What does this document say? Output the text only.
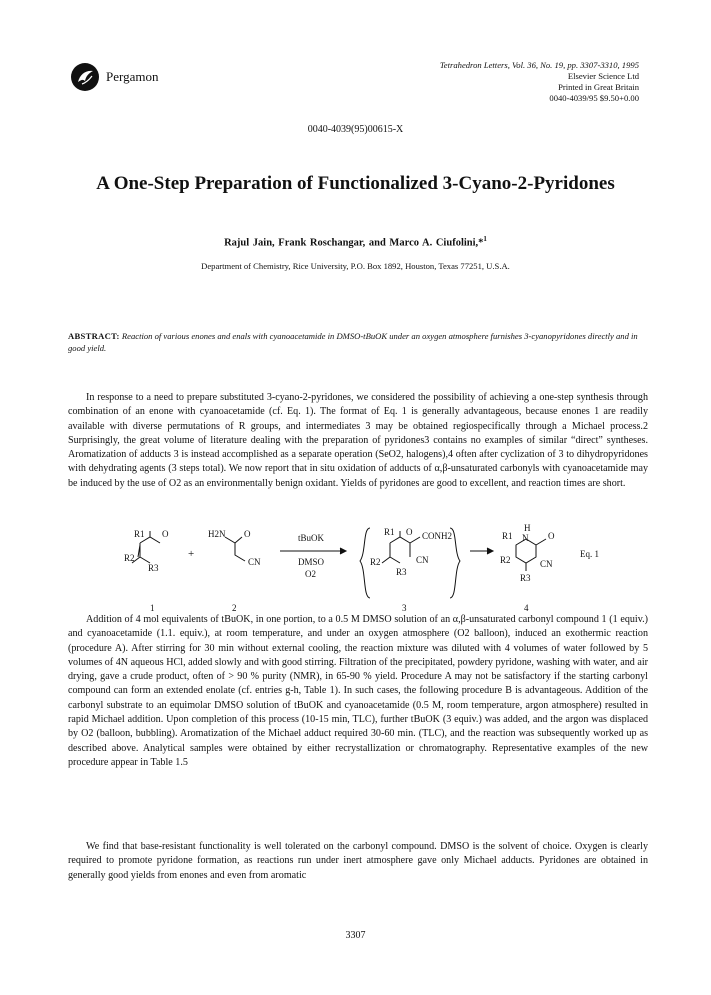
Pergamon
Tetrahedron Letters, Vol. 36, No. 19, pp. 3307-3310, 1995
Elsevier Science Ltd
Printed in Great Britain
0040-4039/95 $9.50+0.00
0040-4039(95)00615-X
A One-Step Preparation of Functionalized 3-Cyano-2-Pyridones
Rajul Jain, Frank Roschangar, and Marco A. Ciufolini,*$^1$
Department of Chemistry, Rice University, P.O. Box 1892, Houston, Texas 77251, U.S.A.
ABSTRACT: Reaction of various enones and enals with cyanoacetamide in DMSO-tBuOK under an oxygen atmosphere furnishes 3-cyanopyridones directly and in good yield.
In response to a need to prepare substituted 3-cyano-2-pyridones, we considered the possibility of achieving a one-step synthesis through combination of an enone with cyanoacetamide (cf. Eq. 1). The format of Eq. 1 is generally advantageous, because enones 1 are readily available with diverse permutations of R groups, and intermediates 3 may be obtained regiospecifically through a Michael process.2 Surprisingly, the great volume of literature dealing with the preparation of pyridones3 contains no examples of similar “direct” syntheses. Aromatization of adducts 3 is instead accomplished as a separate operation (SeO2, halogens),4 often after cyclization of 3 to dihydropyridones with dehydrating agents (3 steps total). We now report that in situ oxidation of adducts of α,β-unsaturated carbonyls with cyanoacetamide may be induced by the use of O2 as an environmentally benign oxidant. Yields of pyridones are good to excellent, and reaction times are short.
R1 O
R2
R3
+
H2N O
CN
tBuOK
DMSO
O2
R1 O CONH2
R2	CN
R3
R1
H
N O
R2	CN
R3
Eq. 1
1	2	3	4
Addition of 4 mol equivalents of tBuOK, in one portion, to a 0.5 M DMSO solution of an α,β-unsaturated carbonyl compound 1 (1 equiv.) and cyanoacetamide (1.1. equiv.), at room temperature, and under an oxygen atmosphere (O2 balloon), induced an exothermic reaction (procedure A). After stirring for 30 min without external cooling, the reaction mixture was diluted with 4 volumes of water followed by 5 volumes of 4N aqueous HCl, added slowly and with good stirring. Filtration of the precipitated, powdery pyridone, washing with water, and air drying, gave a crude product, often of > 90 % purity (NMR), in 65-90 % yield. Procedure A may not be satisfactory if the starting carbonyl compound can form an extended enolate (cf. entries g-h, Table 1). In such cases, the following procedure B is advantageous. Addition of the carbonyl substrate to an equimolar DMSO solution of tBuOK and cyanoacetamide (0.5 M, room temperature, argon atmosphere) resulted in rapid Michael addition. Upon completion of this process (10-15 min, TLC), further tBuOK (3 equiv.) was added, and the argon was displaced by O2 (balloon, bubbling). Aromatization of the Michael adduct required 30-60 min. (TLC), and the reaction was subsequently worked up as described above. Analytical samples were obtained by either recrystallization or chromatography. Representative examples of the new procedure appear in Table 1.5
We find that base-resistant functionality is well tolerated on the carbonyl compound. DMSO is the solvent of choice. Oxygen is clearly required to promote pyridone formation, as reactions run under inert atmosphere gave only Michael adducts. Pyridones are obtained in generally good yields from enones and even from aromatic
3307
